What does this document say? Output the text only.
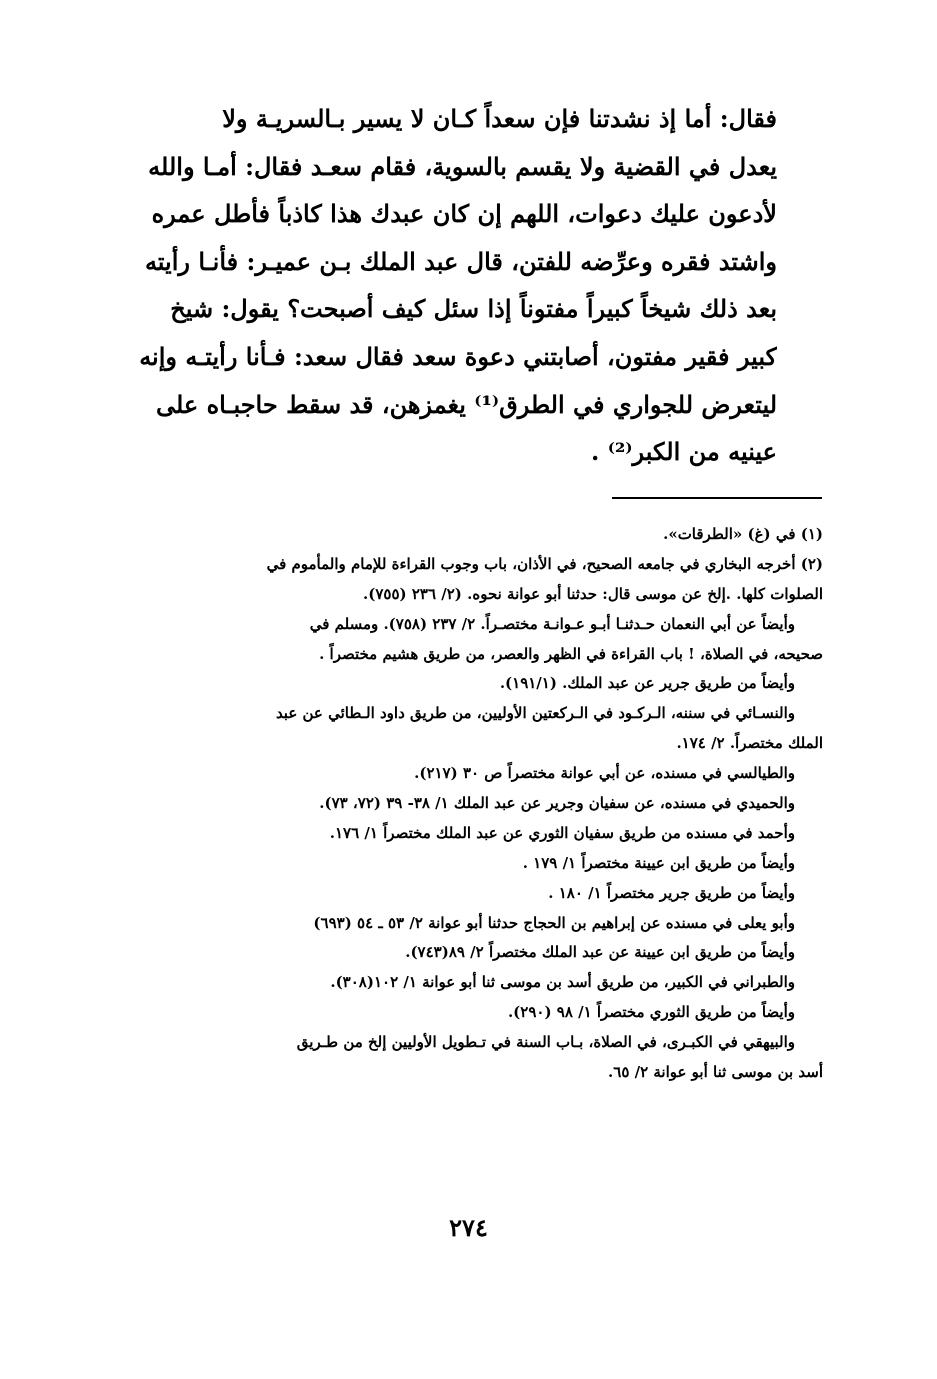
فقال: أما إذ نشدتنا فإن سعداً كـان لا يسير بـالسريـة ولا
يعدل في القضية ولا يقسم بالسوية، فقام سعـد فقال: أمـا والله
لأدعون عليك دعوات، اللهم إن كان عبدك هذا كاذباً فأطل عمره
واشتد فقره وعرِّضه للفتن، قال عبد الملك بـن عميـر: فأنـا رأيته
بعد ذلك شيخاً كبيراً مفتوناً إذا سئل كيف أصبحت؟ يقول: شيخ
كبير فقير مفتون، أصابتني دعوة سعد فقال سعد: فـأنا رأيتـه وإنه
ليتعرض للجواري في الطرق⁽¹⁾ يغمزهن، قد سقط حاجبـاه على
عينيه من الكبر⁽²⁾ .
(١) في (غ) «الطرقات».
(٢) أخرجه البخاري في جامعه الصحيح، في الأذان، باب وجوب القراءة للإمام والمأموم في
الصلوات كلها. .إلخ عن موسى قال: حدثنا أبو عوانة نحوه. (٢/ ٢٣٦ (٧٥٥).
وأيضاً عن أبي النعمان حـدثنـا أبـو عـوانـة مختصـراً. ٢/ ٢٣٧ (٧٥٨). ومسلم في
صحيحه، في الصلاة، ! باب القراءة في الظهر والعصر، من طريق هشيم مختصراً .
وأيضاً من طريق جرير عن عبد الملك. (١٩١/١).
والنسـائي في سننه، الـركـود في الـركعتين الأوليين، من طريق داود الـطائي عن عبد
الملك مختصراً. ٢/ ١٧٤.
والطيالسي في مسنده، عن أبي عوانة مختصراً ص ٣٠ (٢١٧).
والحميدي في مسنده، عن سفيان وجرير عن عبد الملك ١/ ٣٨- ٣٩ (٧٢، ٧٣).
وأحمد في مسنده من طريق سفيان الثوري عن عبد الملك مختصراً ١/ ١٧٦.
وأيضاً من طريق ابن عيينة مختصراً ١/ ١٧٩ .
وأيضاً من طريق جرير مختصراً ١/ ١٨٠ .
وأبو يعلى في مسنده عن إبراهيم بن الحجاج حدثنا أبو عوانة ٢/ ٥٣ ـ ٥٤ (٦٩٣)
وأيضاً من طريق ابن عيينة عن عبد الملك مختصراً ٢/ ٨٩(٧٤٣).
والطبراني في الكبير، من طريق أسد بن موسى ثنا أبو عوانة ١/ ١٠٢(٣٠٨).
وأيضاً من طريق الثوري مختصراً ١/ ٩٨ (٢٩٠).
والبيهقي في الكبـرى، في الصلاة، بـاب السنة في تـطويل الأوليين إلخ من طـريق
أسد بن موسى ثنا أبو عوانة ٢/ ٦٥.
٢٧٤
